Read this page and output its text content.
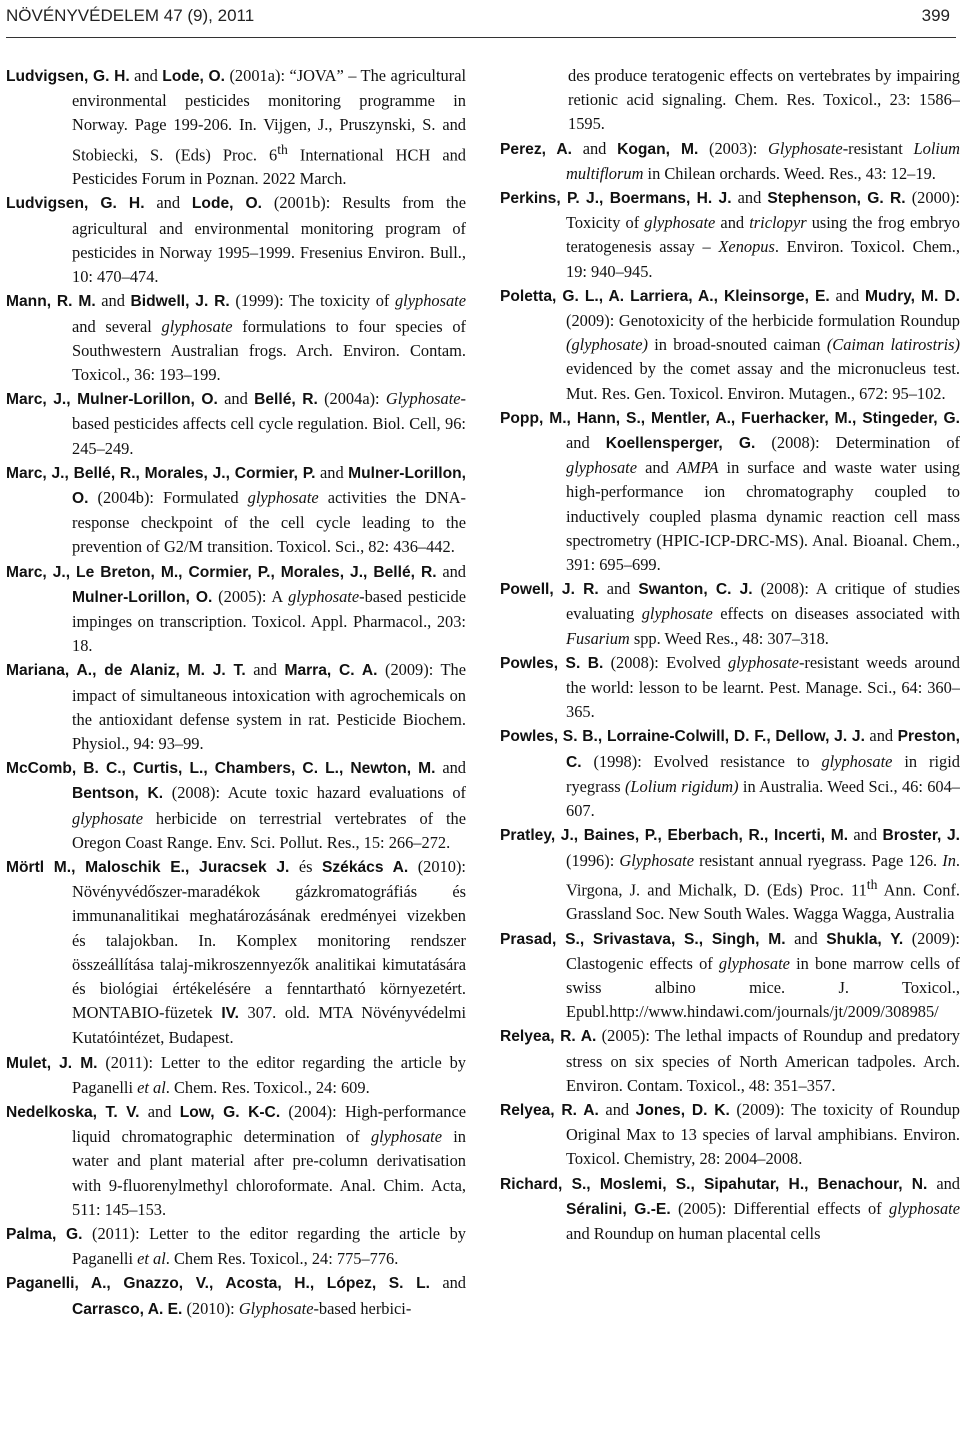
NÖVÉNYVÉDELEM 47 (9), 2011	399

Ludvigsen, G. H. and Lode, O. (2001a): “JOVA” – The agricultural environmental pesticides monitoring programme in Norway. Page 199-206. In. Vijgen, J., Pruszynski, S. and Stobiecki, S. (Eds) Proc. 6th International HCH and Pesticides Forum in Poznan. 2022 March.

Ludvigsen, G. H. and Lode, O. (2001b): Results from the agricultural and environmental monitoring program of pesticides in Norway 1995–1999. Fresenius Environ. Bull., 10: 470–474.

Mann, R. M. and Bidwell, J. R. (1999): The toxicity of glyphosate and several glyphosate formulations to four species of Southwestern Australian frogs. Arch. Environ. Contam. Toxicol., 36: 193–199.

Marc, J., Mulner-Lorillon, O. and Bellé, R. (2004a): Glyphosate-based pesticides affects cell cycle regulation. Biol. Cell, 96: 245–249.

Marc, J., Bellé, R., Morales, J., Cormier, P. and Mulner-Lorillon, O. (2004b): Formulated glyphosate activities the DNA-response checkpoint of the cell cycle leading to the prevention of G2/M transition. Toxicol. Sci., 82: 436–442.

Marc, J., Le Breton, M., Cormier, P., Morales, J., Bellé, R. and Mulner-Lorillon, O. (2005): A glyphosate-based pesticide impinges on transcription. Toxicol. Appl. Pharmacol., 203: 18.

Mariana, A., de Alaniz, M. J. T. and Marra, C. A. (2009): The impact of simultaneous intoxication with agrochemicals on the antioxidant defense system in rat. Pesticide Biochem. Physiol., 94: 93–99.

McComb, B. C., Curtis, L., Chambers, C. L., Newton, M. and Bentson, K. (2008): Acute toxic hazard evaluations of glyphosate herbicide on terrestrial vertebrates of the Oregon Coast Range. Env. Sci. Pollut. Res., 15: 266–272.

Mörtl M., Maloschik E., Juracsek J. és Székács A. (2010): Növényvédőszer-maradékok gázkromatográfiás és immunanalitikai meghatározásának eredményei vizekben és talajokban. In. Komplex monitoring rendszer összeállítása talaj-mikroszennyezők analitikai kimutatására és biológiai értékelésére a fenntartható környezetért. MONTABIO-füzetek IV. 307. old. MTA Növényvédelmi Kutatóintézet, Budapest.

Mulet, J. M. (2011): Letter to the editor regarding the article by Paganelli et al. Chem. Res. Toxicol., 24: 609.

Nedelkoska, T. V. and Low, G. K-C. (2004): High-performance liquid chromatographic determination of glyphosate in water and plant material after pre-column derivatisation with 9-fluorenylmethyl chloroformate. Anal. Chim. Acta, 511: 145–153.

Palma, G. (2011): Letter to the editor regarding the article by Paganelli et al. Chem Res. Toxicol., 24: 775–776.

Paganelli, A., Gnazzo, V., Acosta, H., López, S. L. and Carrasco, A. E. (2010): Glyphosate-based herbici-

des produce teratogenic effects on vertebrates by impairing retionic acid signaling. Chem. Res. Toxicol., 23: 1586–1595.

Perez, A. and Kogan, M. (2003): Glyphosate-resistant Lolium multiflorum in Chilean orchards. Weed. Res., 43: 12–19.

Perkins, P. J., Boermans, H. J. and Stephenson, G. R. (2000): Toxicity of glyphosate and triclopyr using the frog embryo teratogenesis assay – Xenopus. Environ. Toxicol. Chem., 19: 940–945.

Poletta, G. L., A. Larriera, A., Kleinsorge, E. and Mudry, M. D. (2009): Genotoxicity of the herbicide formulation Roundup (glyphosate) in broad-snouted caiman (Caiman latirostris) evidenced by the comet assay and the micronucleus test. Mut. Res. Gen. Toxicol. Environ. Mutagen., 672: 95–102.

Popp, M., Hann, S., Mentler, A., Fuerhacker, M., Stingeder, G. and Koellensperger, G. (2008): Determination of glyphosate and AMPA in surface and waste water using high-performance ion chromatography coupled to inductively coupled plasma dynamic reaction cell mass spectrometry (HPIC-ICP-DRC-MS). Anal. Bioanal. Chem., 391: 695–699.

Powell, J. R. and Swanton, C. J. (2008): A critique of studies evaluating glyphosate effects on diseases associated with Fusarium spp. Weed Res., 48: 307–318.

Powles, S. B. (2008): Evolved glyphosate-resistant weeds around the world: lesson to be learnt. Pest. Manage. Sci., 64: 360–365.

Powles, S. B., Lorraine-Colwill, D. F., Dellow, J. J. and Preston, C. (1998): Evolved resistance to glyphosate in rigid ryegrass (Lolium rigidum) in Australia. Weed Sci., 46: 604–607.

Pratley, J., Baines, P., Eberbach, R., Incerti, M. and Broster, J. (1996): Glyphosate resistant annual ryegrass. Page 126. In. Virgona, J. and Michalk, D. (Eds) Proc. 11th Ann. Conf. Grassland Soc. New South Wales. Wagga Wagga, Australia

Prasad, S., Srivastava, S., Singh, M. and Shukla, Y. (2009): Clastogenic effects of glyphosate in bone marrow cells of swiss albino mice. J. Toxicol., Epubl.http://www.hindawi.com/journals/jt/2009/308985/

Relyea, R. A. (2005): The lethal impacts of Roundup and predatory stress on six species of North American tadpoles. Arch. Environ. Contam. Toxicol., 48: 351–357.

Relyea, R. A. and Jones, D. K. (2009): The toxicity of Roundup Original Max to 13 species of larval amphibians. Environ. Toxicol. Chemistry, 28: 2004–2008.

Richard, S., Moslemi, S., Sipahutar, H., Benachour, N. and Séralini, G.-E. (2005): Differential effects of glyphosate and Roundup on human placental cells
